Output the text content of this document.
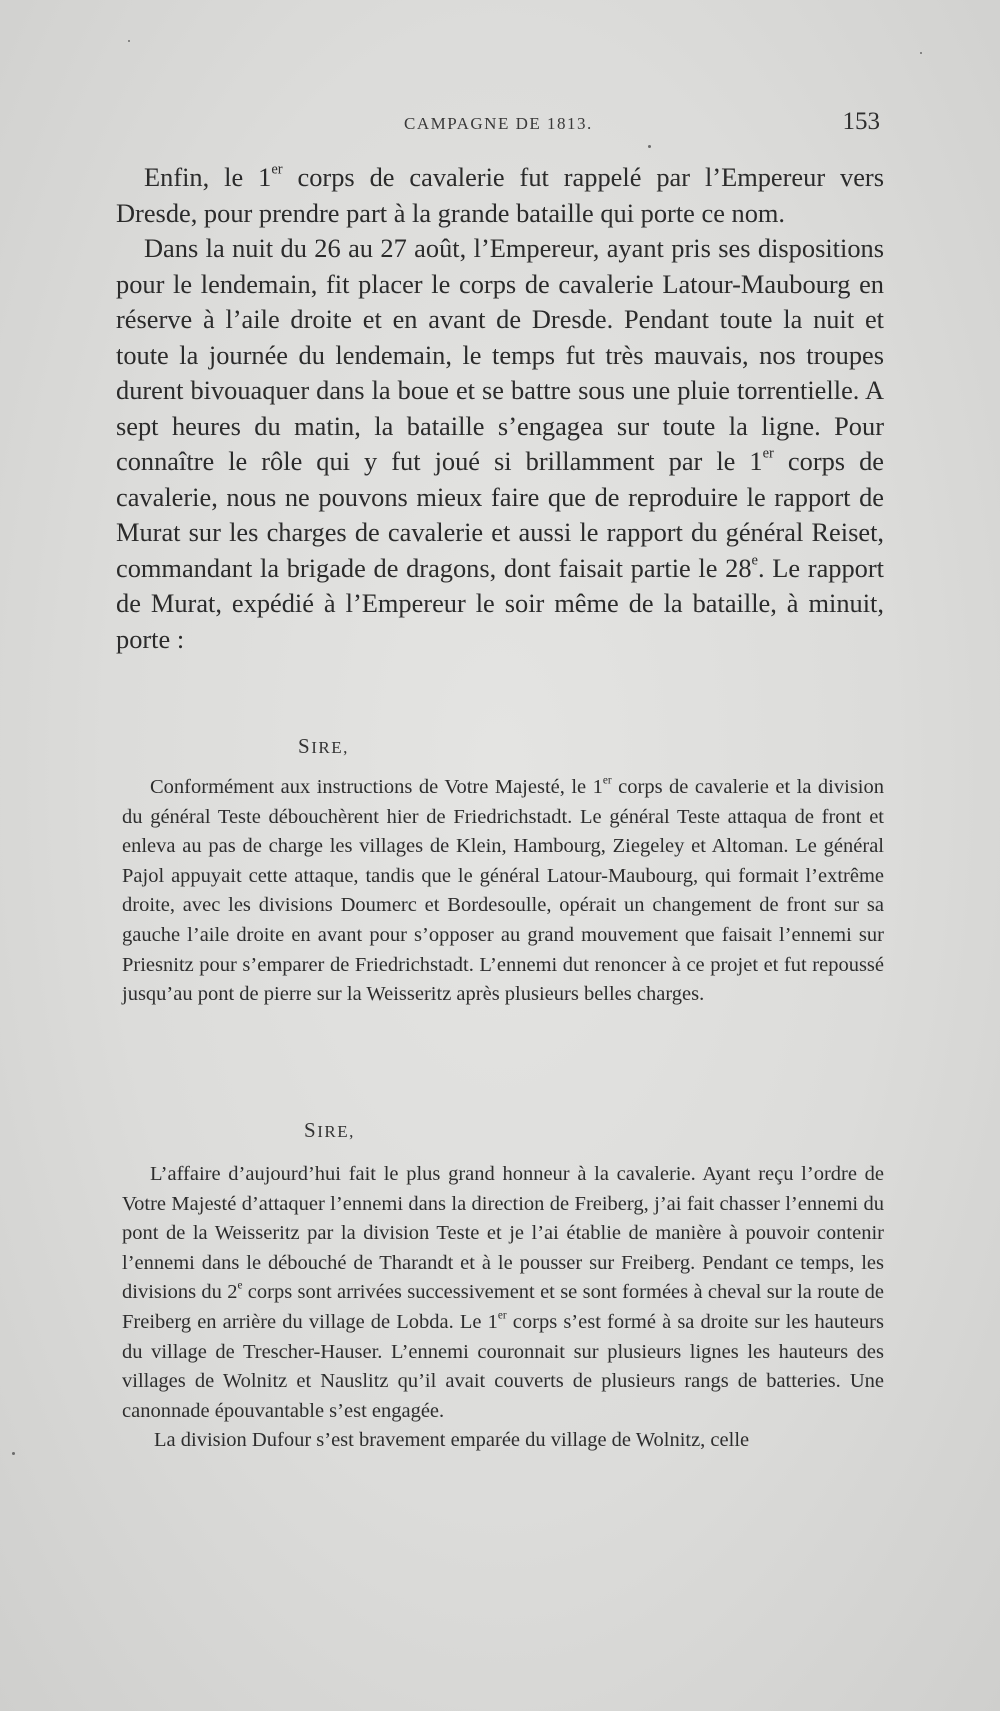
CAMPAGNE DE 1813.	153

Enfin, le 1er corps de cavalerie fut rappelé par l’Empereur vers Dresde, pour prendre part à la grande bataille qui porte ce nom.

Dans la nuit du 26 au 27 août, l’Empereur, ayant pris ses dispositions pour le lendemain, fit placer le corps de cavalerie Latour-Maubourg en réserve à l’aile droite et en avant de Dresde. Pendant toute la nuit et toute la journée du lendemain, le temps fut très mauvais, nos troupes durent bivouaquer dans la boue et se battre sous une pluie torrentielle. A sept heures du matin, la bataille s’engagea sur toute la ligne. Pour connaître le rôle qui y fut joué si brillamment par le 1er corps de cavalerie, nous ne pouvons mieux faire que de reproduire le rapport de Murat sur les charges de cavalerie et aussi le rapport du général Reiset, commandant la brigade de dragons, dont faisait partie le 28e. Le rapport de Murat, expédié à l’Empereur le soir même de la bataille, à minuit, porte :

SIRE,

Conformément aux instructions de Votre Majesté, le 1er corps de cavalerie et la division du général Teste débouchèrent hier de Friedrichstadt. Le général Teste attaqua de front et enleva au pas de charge les villages de Klein, Hambourg, Ziegeley et Altoman. Le général Pajol appuyait cette attaque, tandis que le général Latour-Maubourg, qui formait l’extrême droite, avec les divisions Doumerc et Bordesoulle, opérait un changement de front sur sa gauche l’aile droite en avant pour s’opposer au grand mouvement que faisait l’ennemi sur Priesnitz pour s’emparer de Friedrichstadt. L’ennemi dut renoncer à ce projet et fut repoussé jusqu’au pont de pierre sur la Weisseritz après plusieurs belles charges.

SIRE,

L’affaire d’aujourd’hui fait le plus grand honneur à la cavalerie. Ayant reçu l’ordre de Votre Majesté d’attaquer l’ennemi dans la direction de Freiberg, j’ai fait chasser l’ennemi du pont de la Weisseritz par la division Teste et je l’ai établie de manière à pouvoir contenir l’ennemi dans le débouché de Tharandt et à le pousser sur Freiberg. Pendant ce temps, les divisions du 2e corps sont arrivées successivement et se sont formées à cheval sur la route de Freiberg en arrière du village de Lobda. Le 1er corps s’est formé à sa droite sur les hauteurs du village de Trescher-Hauser. L’ennemi couronnait sur plusieurs lignes les hauteurs des villages de Wolnitz et Nauslitz qu’il avait couverts de plusieurs rangs de batteries. Une canonnade épouvantable s’est engagée.

La division Dufour s’est bravement emparée du village de Wolnitz, celle
